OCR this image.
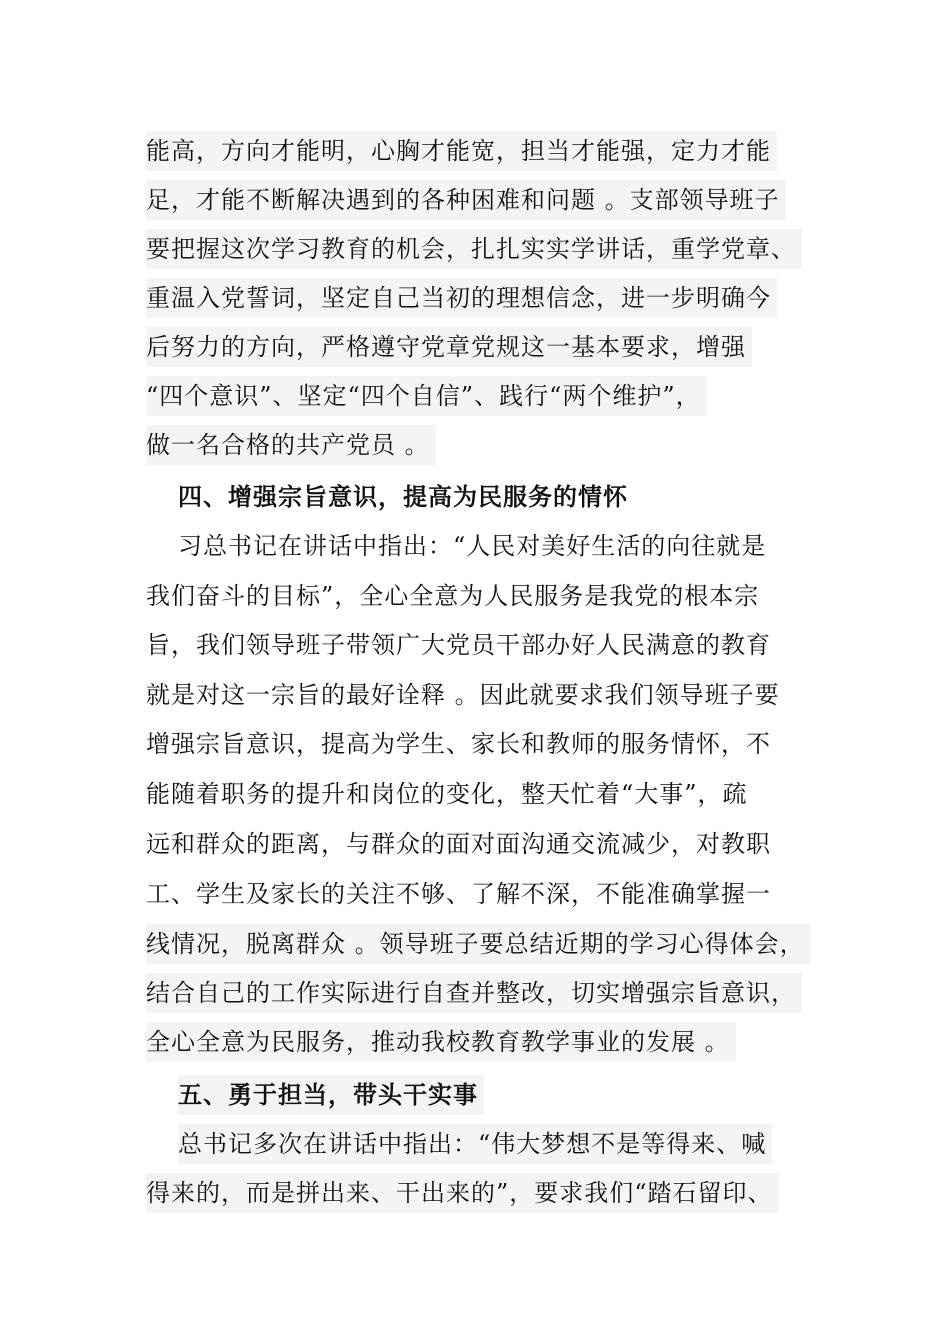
能高，方向才能明，心胸才能宽，担当才能强，定力才能
足，才能不断解决遇到的各种困难和问题 。支部领导班子
要把握这次学习教育的机会，扎扎实实学讲话，重学党章、
重温入党誓词，坚定自己当初的理想信念，进一步明确今
后努力的方向，严格遵守党章党规这一基本要求，增强
“四个意识”、坚定“四个自信”、践行“两个维护”，
做一名合格的共产党员 。
四、增强宗旨意识，提高为民服务的情怀
习总书记在讲话中指出：“人民对美好生活的向往就是
我们奋斗的目标”，全心全意为人民服务是我党的根本宗
旨，我们领导班子带领广大党员干部办好人民满意的教育
就是对这一宗旨的最好诠释 。因此就要求我们领导班子要
增强宗旨意识，提高为学生、家长和教师的服务情怀，不
能随着职务的提升和岗位的变化，整天忙着“大事”，疏
远和群众的距离，与群众的面对面沟通交流减少，对教职
工、学生及家长的关注不够、了解不深，不能准确掌握一
线情况，脱离群众 。领导班子要总结近期的学习心得体会，
结合自己的工作实际进行自查并整改，切实增强宗旨意识，
全心全意为民服务，推动我校教育教学事业的发展 。
五、勇于担当，带头干实事
总书记多次在讲话中指出：“伟大梦想不是等得来、喊
得来的，而是拼出来、干出来的”，要求我们“踏石留印、
